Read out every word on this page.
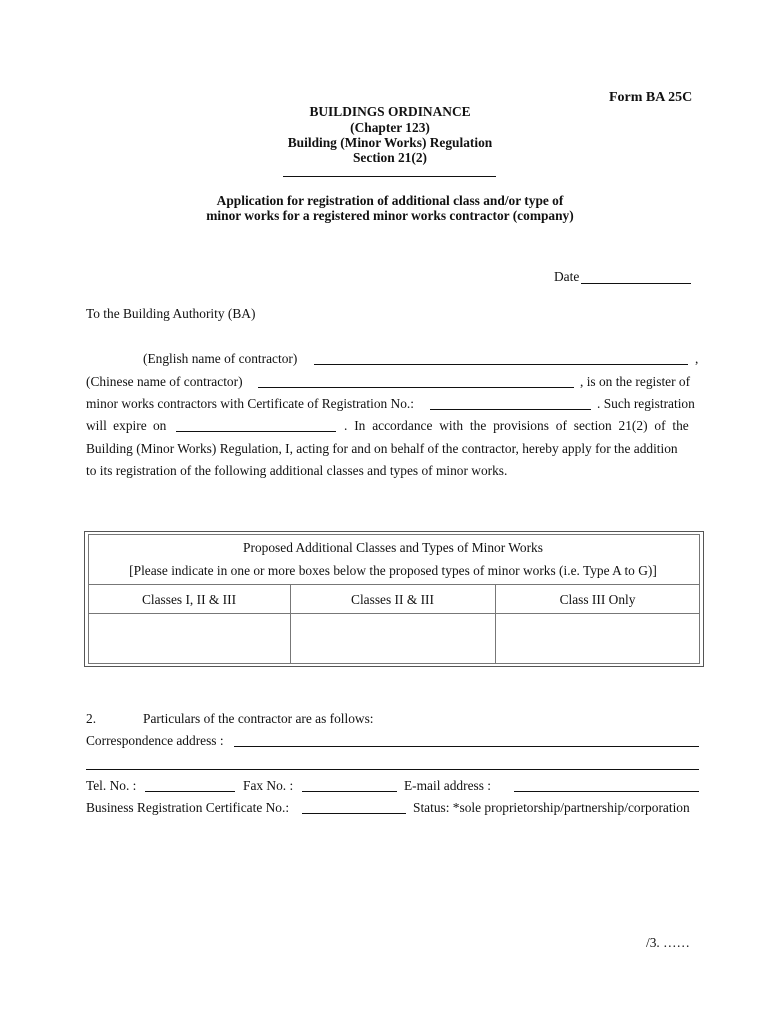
Form BA 25C
BUILDINGS ORDINANCE
(Chapter 123)
Building (Minor Works) Regulation
Section 21(2)
Application for registration of additional class and/or type of
minor works for a registered minor works contractor (company)
Date
To the Building Authority (BA)
(English name of contractor)	,
(Chinese name of contractor)	, is on the register of
minor works contractors with Certificate of Registration No.:	. Such registration
will expire on	. In accordance with the provisions of section 21(2) of the
Building (Minor Works) Regulation, I, acting for and on behalf of the contractor, hereby apply for the addition
to its registration of the following additional classes and types of minor works.
Proposed Additional Classes and Types of Minor Works
[Please indicate in one or more boxes below the proposed types of minor works (i.e. Type A to G)]
Classes I, II & III	Classes II & III	Class III Only
2.	Particulars of the contractor are as follows:
Correspondence address :
Tel. No. :	Fax No. :	E-mail address :
Business Registration Certificate No.:	Status: *sole proprietorship/partnership/corporation
/3. ……
